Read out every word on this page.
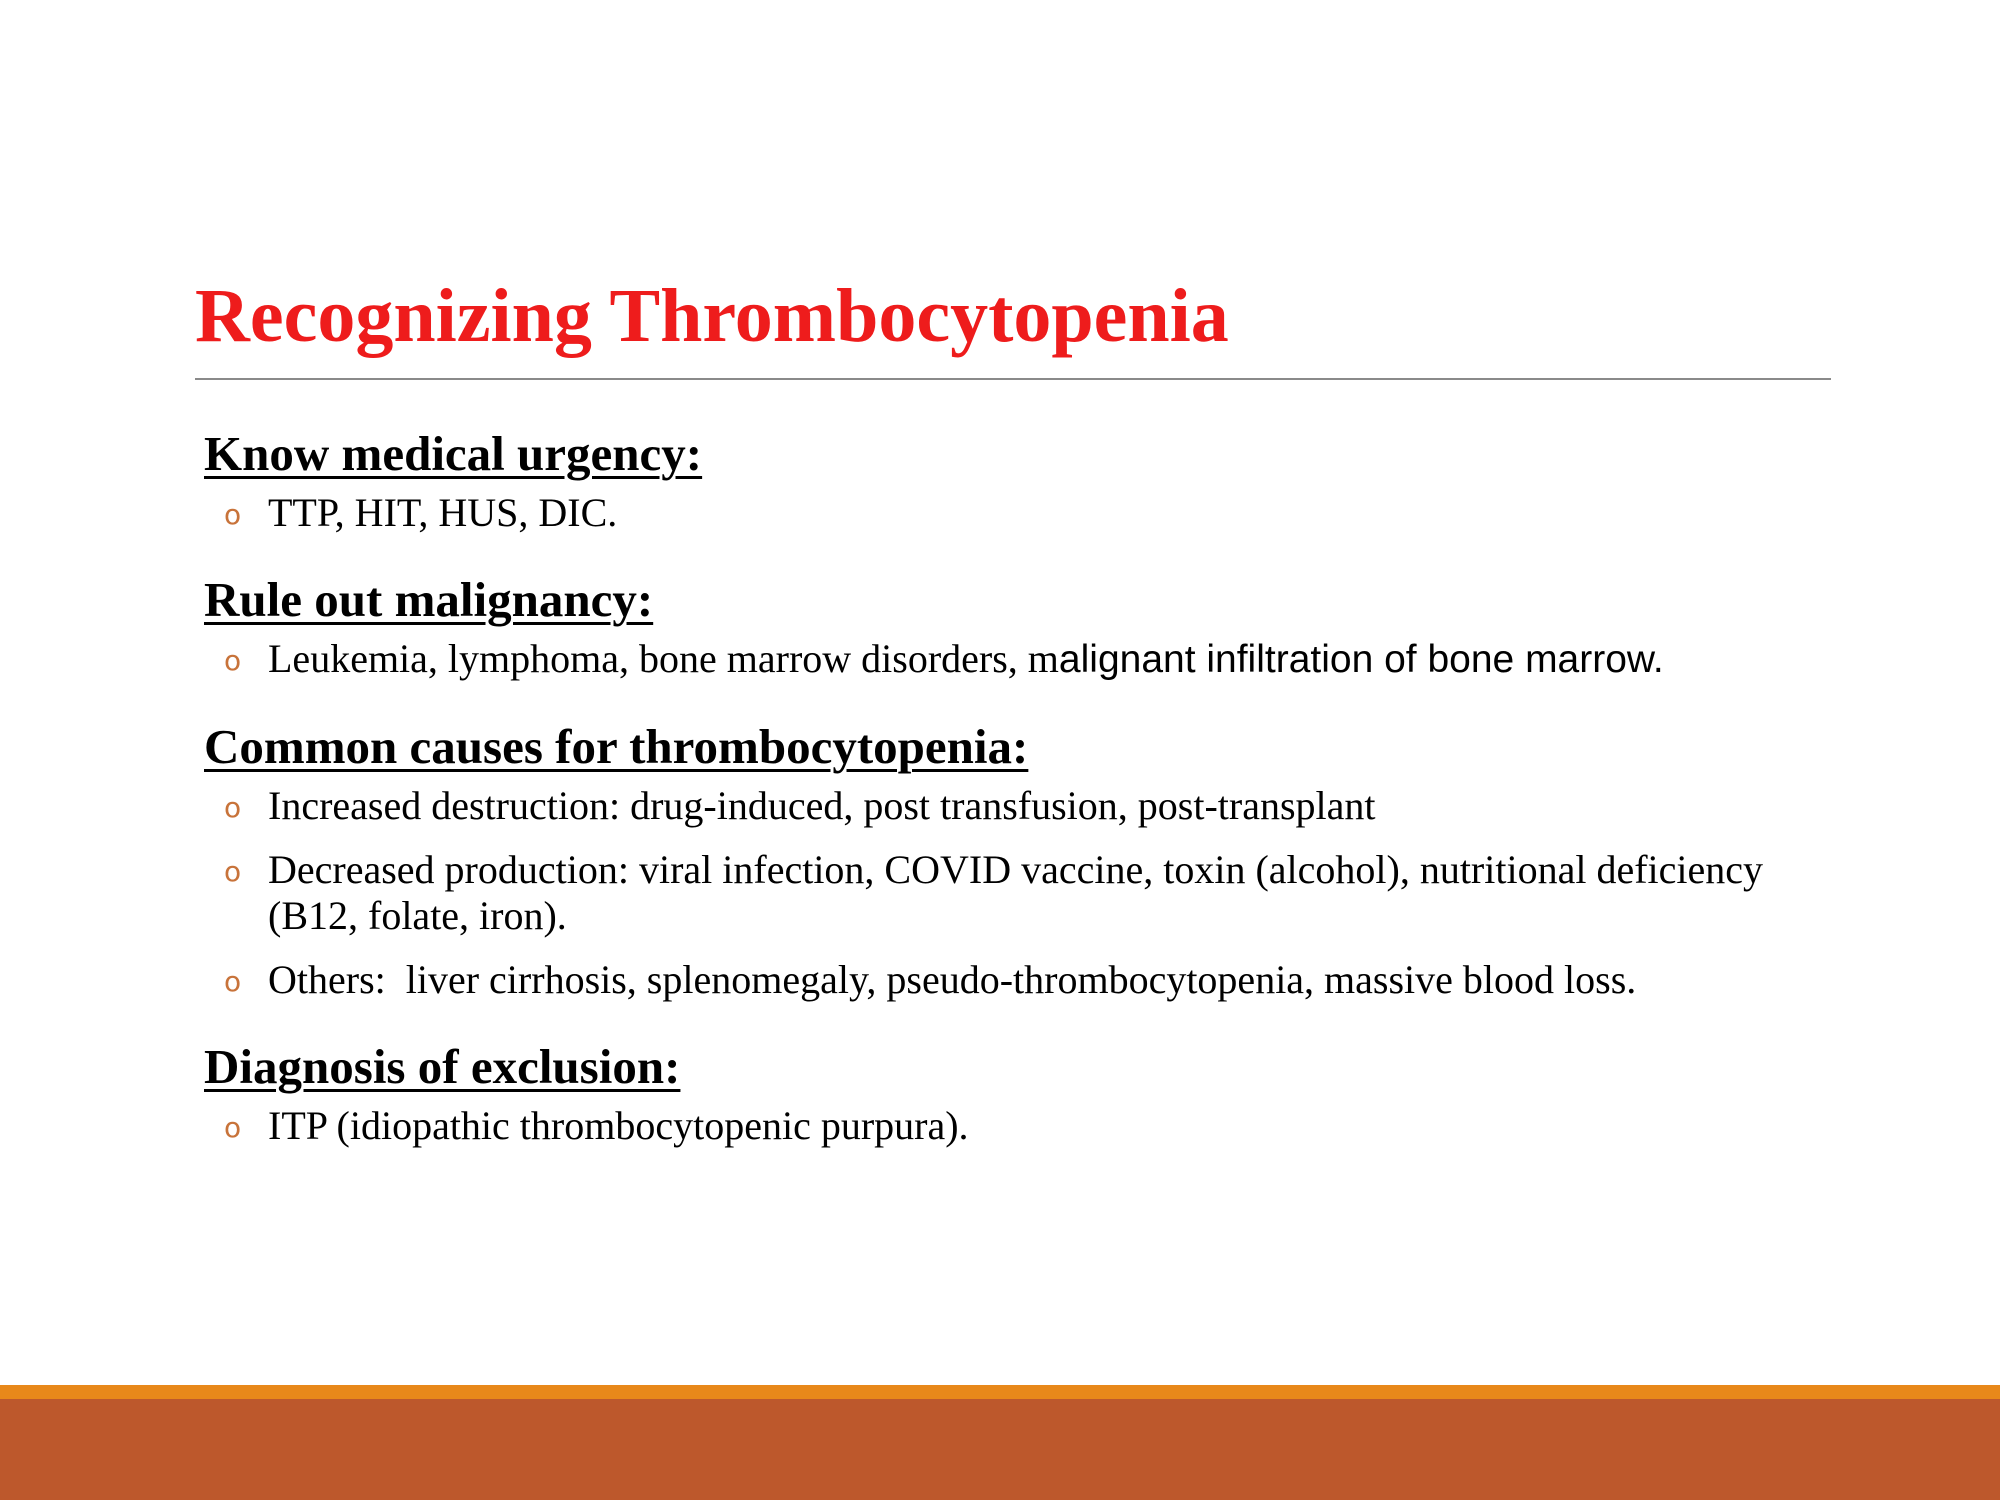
Recognizing Thrombocytopenia
Know medical urgency:
o TTP, HIT, HUS, DIC.
Rule out malignancy:
o Leukemia, lymphoma, bone marrow disorders, malignant infiltration of bone marrow.
Common causes for thrombocytopenia:
o Increased destruction: drug-induced, post transfusion, post-transplant
o Decreased production: viral infection, COVID vaccine, toxin (alcohol), nutritional deficiency (B12, folate, iron).
o Others:  liver cirrhosis, splenomegaly, pseudo-thrombocytopenia, massive blood loss.
Diagnosis of exclusion:
o ITP (idiopathic thrombocytopenic purpura).
